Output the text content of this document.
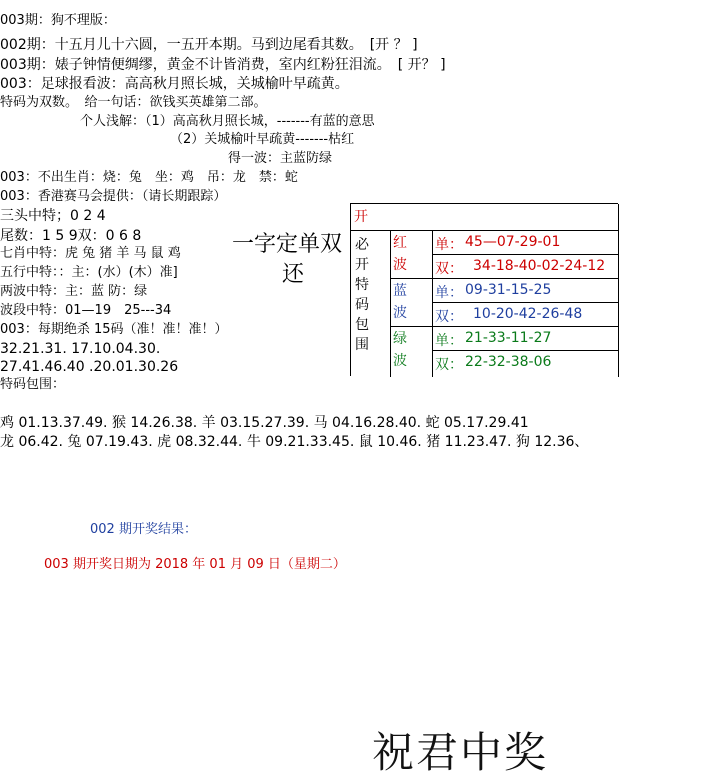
003期：狗不理版：
002期：十五月儿十六圆，一五开本期。马到边尾看其数。　[开 ？ ]
003期：婊子钟情便绸缪，黄金不计皆消费，室内红粉狂泪流。　[ 开？ ]
003：足球报看波：高高秋月照长城，关城榆叶早疏黄。
特码为双数。　给一句话：欲钱买英雄第二部。
个人浅解：（1）高高秋月照长城，-------有蓝的意思
（2）关城榆叶早疏黄-------枯红
得一波：主蓝防绿
003：不出生肖：烧：兔　坐：鸡　吊：龙　禁：蛇
003：香港赛马会提供：（请长期跟踪）
三头中特；0 2 4
尾数：1 5 9双：0 6 8
七肖中特：虎 兔 猪 羊 马 鼠 鸡
五行中特：：主：(水）(木）准]
两波中特：主：蓝 防：绿
波段中特：01—19　25---34
003：每期绝杀 15码（准！准！准！）
32.21.31. 17.10.04.30.
27.41.46.40 .20.01.30.26
特码包围：
一字定单双
还
开
必
开
特
码
包
围
红
波
单： 45—07-29-01
双： 34-18-40-02-24-12
蓝
波
单： 09-31-15-25
双： 10-20-42-26-48
绿
波
单： 21-33-11-27
双： 22-32-38-06
鸡 01.13.37.49. 猴 14.26.38. 羊 03.15.27.39. 马 04.16.28.40. 蛇 05.17.29.41
龙 06.42. 兔 07.19.43. 虎 08.32.44. 牛 09.21.33.45. 鼠 10.46. 猪 11.23.47. 狗 12.36、
002 期开奖结果：
003 期开奖日期为 2018 年 01 月 09 日（星期二）
祝君中奖
